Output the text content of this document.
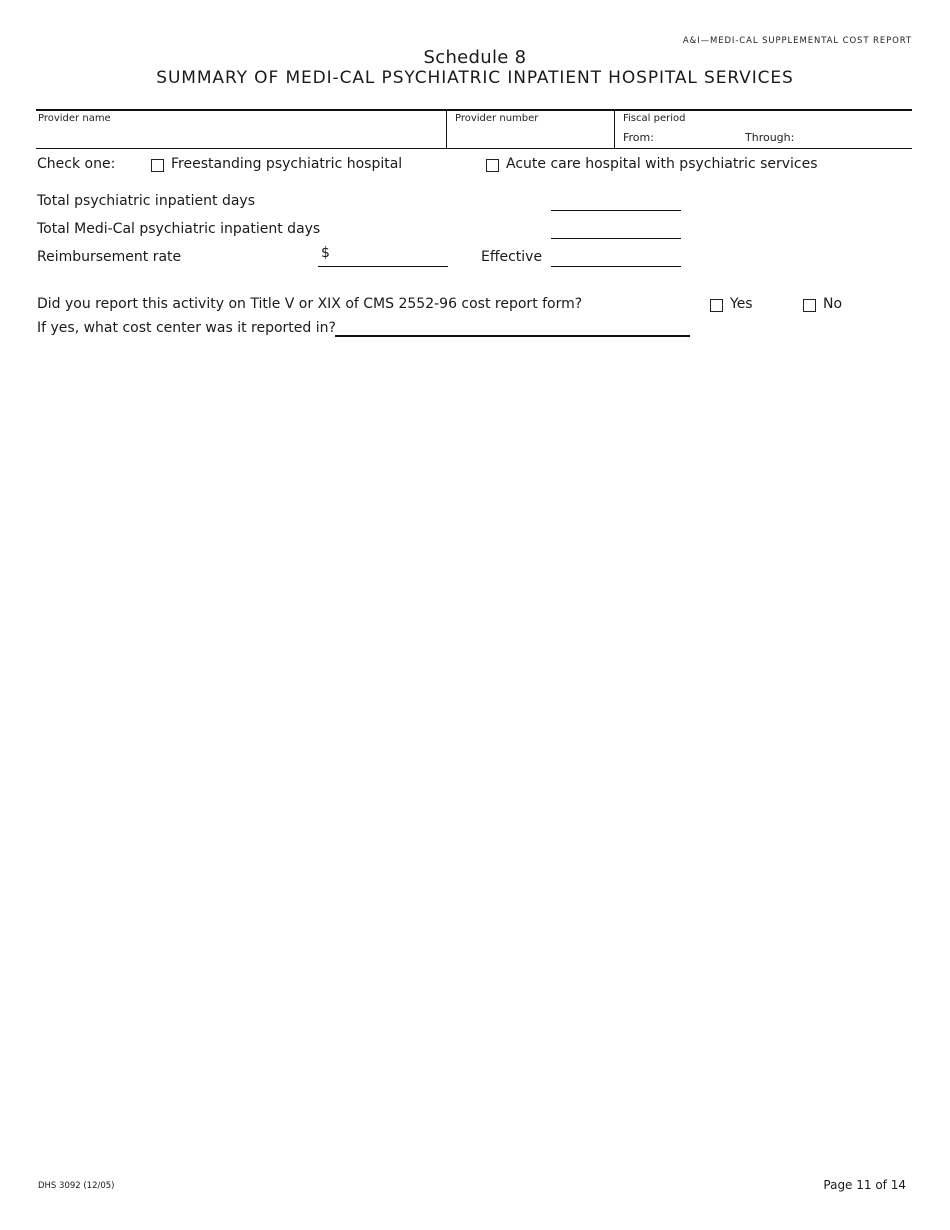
A&I—MEDI-CAL SUPPLEMENTAL COST REPORT
Schedule 8
SUMMARY OF MEDI-CAL PSYCHIATRIC INPATIENT HOSPITAL SERVICES
Provider name	Provider number	Fiscal period
From:	Through:
Check one:	Freestanding psychiatric hospital	Acute care hospital with psychiatric services
Total psychiatric inpatient days
Total Medi-Cal psychiatric inpatient days
Reimbursement rate	$	Effective
Did you report this activity on Title V or XIX of CMS 2552-96 cost report form?	Yes	No
If yes, what cost center was it reported in?
DHS 3092 (12/05)	Page 11 of 14
